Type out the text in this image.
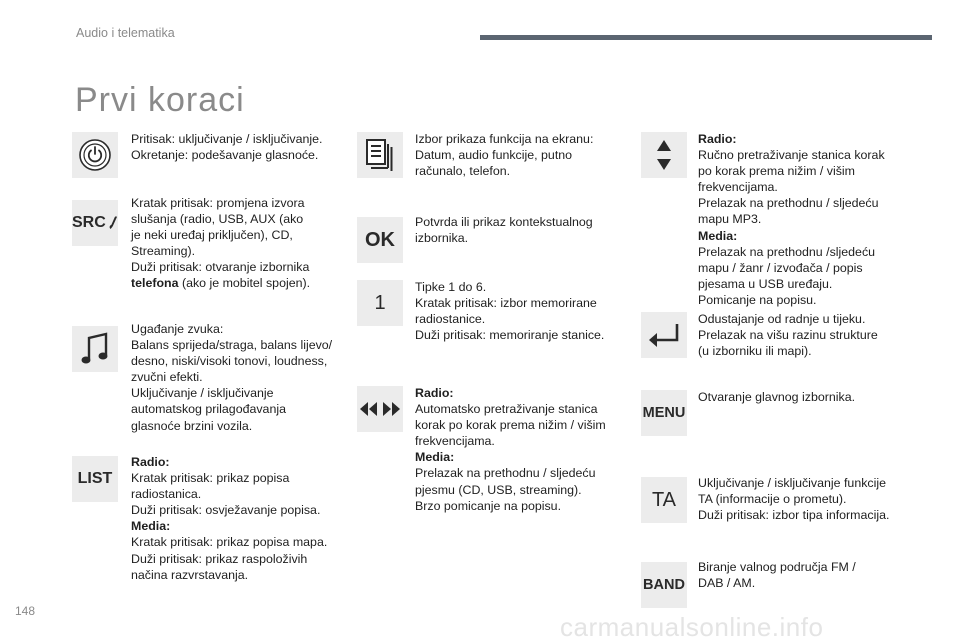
Audio i telematika
Prvi koraci

Pritisak: uključivanje / isključivanje.

Okretanje: podešavanje glasnoće.

SRC

Kratak pritisak: promjena izvora

slušanja (radio, USB, AUX (ako

je neki uređaj priključen), CD,

Streaming).

Duži pritisak: otvaranje izbornika

telefona (ako je mobitel spojen).

Ugađanje zvuka:

Balans sprijeda/straga, balans lijevo/

desno, niski/visoki tonovi, loudness,

zvučni efekti.

Uključivanje / isključivanje

automatskog prilagođavanja

glasnoće brzini vozila.

LIST

Radio:

Kratak pritisak: prikaz popisa

radiostanica.

Duži pritisak: osvježavanje popisa.

Media:

Kratak pritisak: prikaz popisa mapa.

Duži pritisak: prikaz raspoloživih

načina razvrstavanja.

Izbor prikaza funkcija na ekranu:

Datum, audio funkcije, putno

računalo, telefon.

OK

Potvrda ili prikaz kontekstualnog

izbornika.

1

Tipke 1 do 6.

Kratak pritisak: izbor memorirane

radiostanice.

Duži pritisak: memoriranje stanice.

Radio:

Automatsko pretraživanje stanica

korak po korak prema nižim / višim

frekvencijama.

Media:

Prelazak na prethodnu / sljedeću

pjesmu (CD, USB, streaming).

Brzo pomicanje na popisu.

Radio:

Ručno pretraživanje stanica korak

po korak prema nižim / višim

frekvencijama.

Prelazak na prethodnu / sljedeću

mapu MP3.

Media:

Prelazak na prethodnu /sljedeću

mapu / žanr / izvođača / popis

pjesama u USB uređaju.

Pomicanje na popisu.

Odustajanje od radnje u tijeku.

Prelazak na višu razinu strukture

(u izborniku ili mapi).

MENU

Otvaranje glavnog izbornika.

TA

Uključivanje / isključivanje funkcije

TA (informacije o prometu).

Duži pritisak: izbor tipa informacija.

BAND

Biranje valnog područja FM /

DAB / AM.

148
carmanualsonline.info
